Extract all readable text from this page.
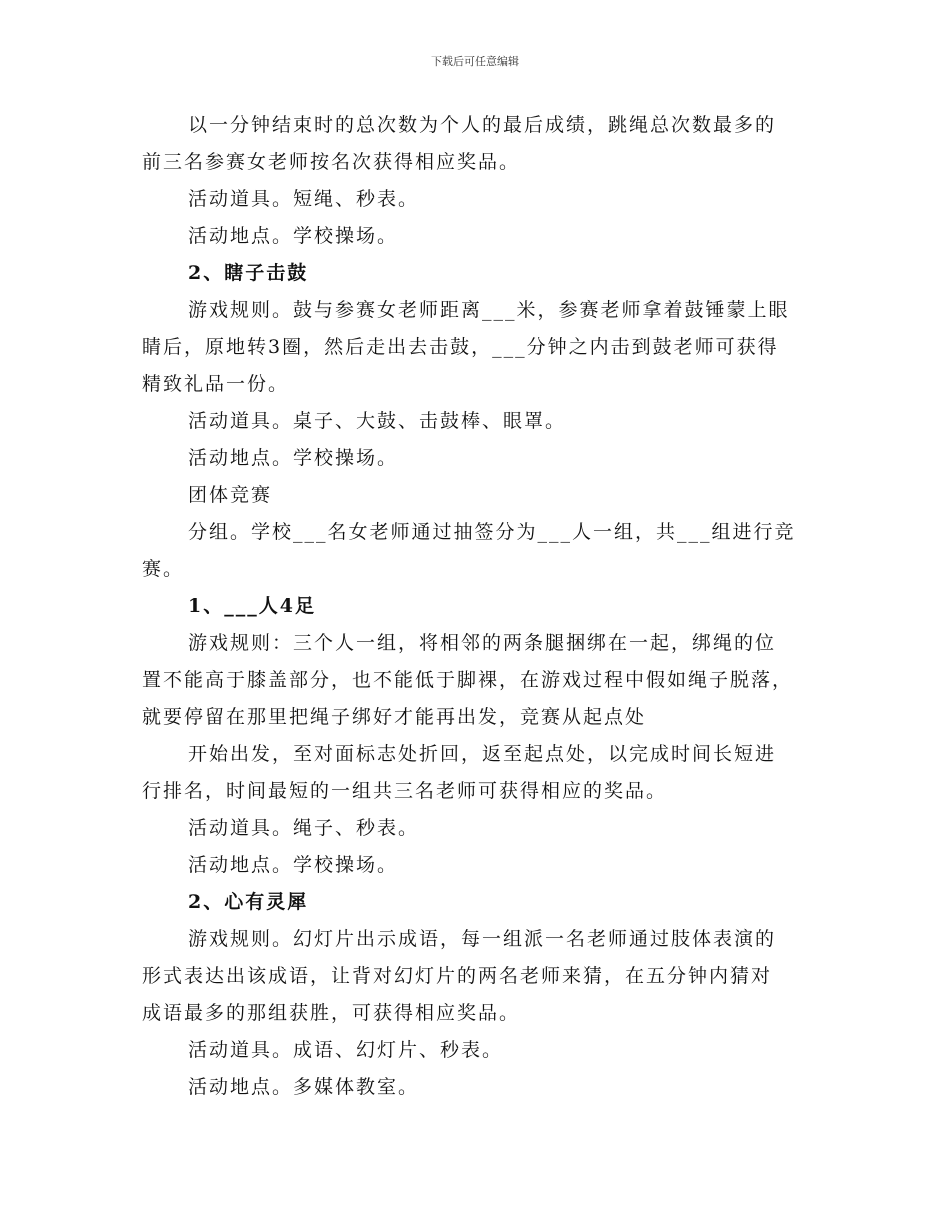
下载后可任意编辑
以一分钟结束时的总次数为个人的最后成绩，跳绳总次数最多的
前三名参赛女老师按名次获得相应奖品。
活动道具。短绳、秒表。
活动地点。学校操场。
2、瞎子击鼓
游戏规则。鼓与参赛女老师距离___米，参赛老师拿着鼓锤蒙上眼
睛后，原地转3圈，然后走出去击鼓，___分钟之内击到鼓老师可获得
精致礼品一份。
活动道具。桌子、大鼓、击鼓棒、眼罩。
活动地点。学校操场。
团体竞赛
分组。学校___名女老师通过抽签分为___人一组，共___组进行竞
赛。
1、___人4足
游戏规则：三个人一组，将相邻的两条腿捆绑在一起，绑绳的位
置不能高于膝盖部分，也不能低于脚裸，在游戏过程中假如绳子脱落，
就要停留在那里把绳子绑好才能再出发，竞赛从起点处
开始出发，至对面标志处折回，返至起点处，以完成时间长短进
行排名，时间最短的一组共三名老师可获得相应的奖品。
活动道具。绳子、秒表。
活动地点。学校操场。
2、心有灵犀
游戏规则。幻灯片出示成语，每一组派一名老师通过肢体表演的
形式表达出该成语，让背对幻灯片的两名老师来猜，在五分钟内猜对
成语最多的那组获胜，可获得相应奖品。
活动道具。成语、幻灯片、秒表。
活动地点。多媒体教室。
